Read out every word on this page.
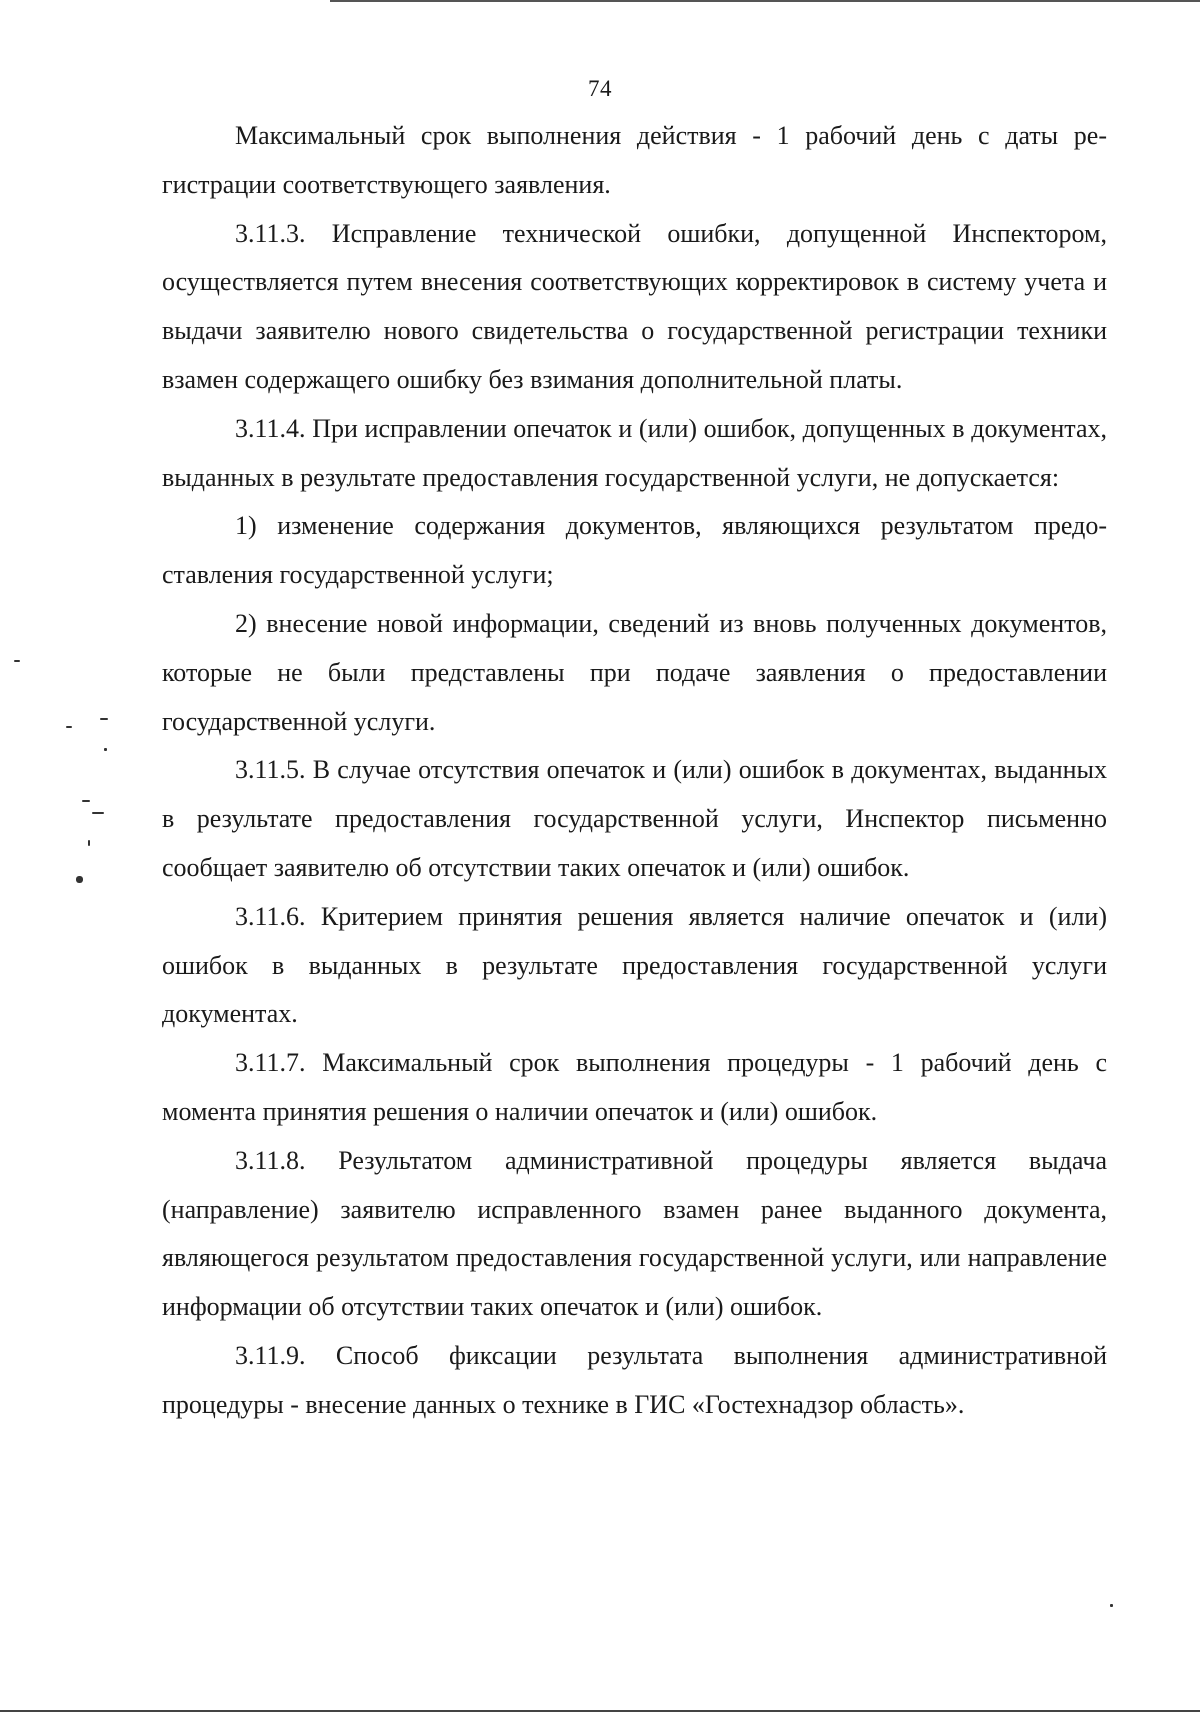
74

Максимальный срок выполнения действия - 1 рабочий день с даты регистрации соответствующего заявления.

3.11.3. Исправление технической ошибки, допущенной Инспектором, осуществляется путем внесения соответствующих корректировок в систему учета и выдачи заявителю нового свидетельства о государственной регистрации техники взамен содержащего ошибку без взимания дополнительной платы.

3.11.4. При исправлении опечаток и (или) ошибок, допущенных в документах, выданных в результате предоставления государственной услуги, не допускается:

1) изменение содержания документов, являющихся результатом предоставления государственной услуги;

2) внесение новой информации, сведений из вновь полученных документов, которые не были представлены при подаче заявления о предоставлении государственной услуги.

3.11.5. В случае отсутствия опечаток и (или) ошибок в документах, выданных в результате предоставления государственной услуги, Инспектор письменно сообщает заявителю об отсутствии таких опечаток и (или) ошибок.

3.11.6. Критерием принятия решения является наличие опечаток и (или) ошибок в выданных в результате предоставления государственной услуги документах.

3.11.7. Максимальный срок выполнения процедуры - 1 рабочий день с момента принятия решения о наличии опечаток и (или) ошибок.

3.11.8. Результатом административной процедуры является выдача (направление) заявителю исправленного взамен ранее выданного документа, являющегося результатом предоставления государственной услуги, или направление информации об отсутствии таких опечаток и (или) ошибок.

3.11.9. Способ фиксации результата выполнения административной процедуры - внесение данных о технике в ГИС «Гостехнадзор область».
